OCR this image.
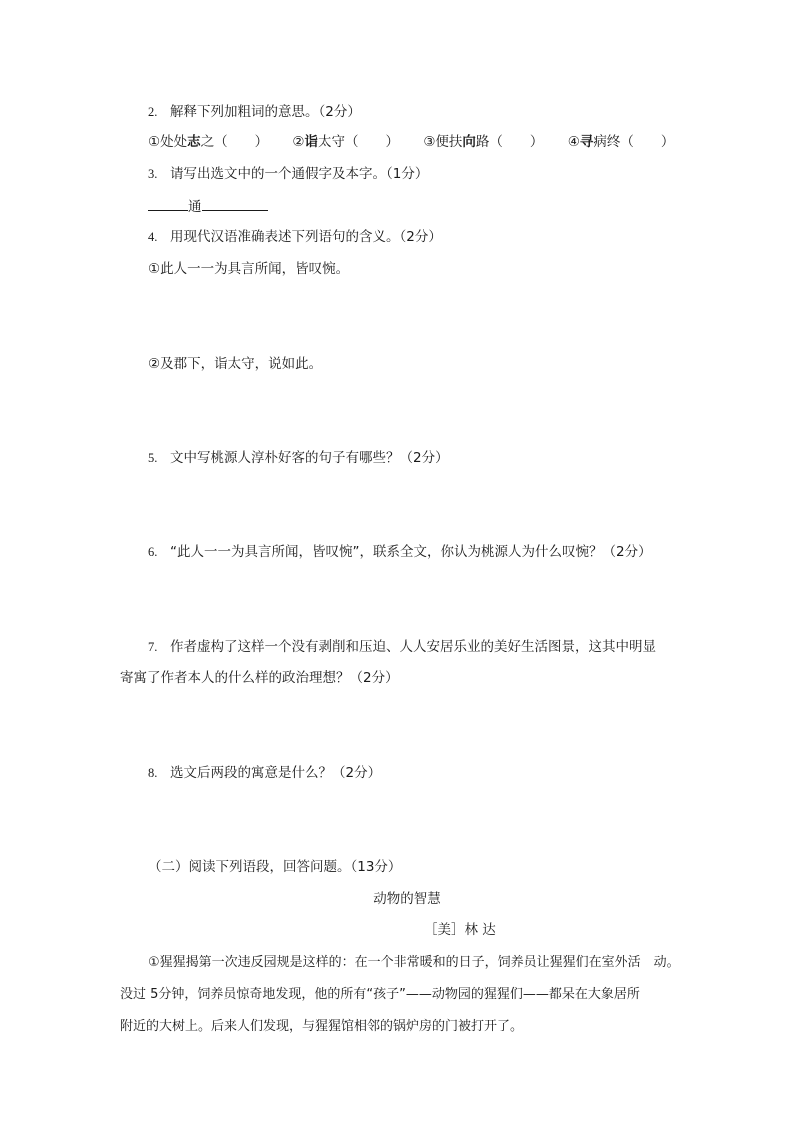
2. 解释下列加粗词的意思。（2分）
①处处志之（　　） ②诣太守（　　） ③便扶向路（　　） ④寻病终（　　）
3. 请写出选文中的一个通假字及本字。（1分）
通
4. 用现代汉语准确表述下列语句的含义。（2分）
①此人一一为具言所闻，皆叹惋。
②及郡下，诣太守，说如此。
5. 文中写桃源人淳朴好客的句子有哪些？（2分）
6. “此人一一为具言所闻，皆叹惋”，联系全文，你认为桃源人为什么叹惋？（2分）
7. 作者虚构了这样一个没有剥削和压迫、人人安居乐业的美好生活图景，这其中明显
寄寓了作者本人的什么样的政治理想？（2分）
8. 选文后两段的寓意是什么？（2分）
（二）阅读下列语段，回答问题。（13分）
动物的智慧
［美］林 达
①猩猩揭第一次违反园规是这样的：在一个非常暖和的日子，饲养员让猩猩们在室外活　动。
没过 5分钟，饲养员惊奇地发现，他的所有“孩子”——动物园的猩猩们——都呆在大象居所
附近的大树上。后来人们发现，与猩猩馆相邻的锅炉房的门被打开了。
